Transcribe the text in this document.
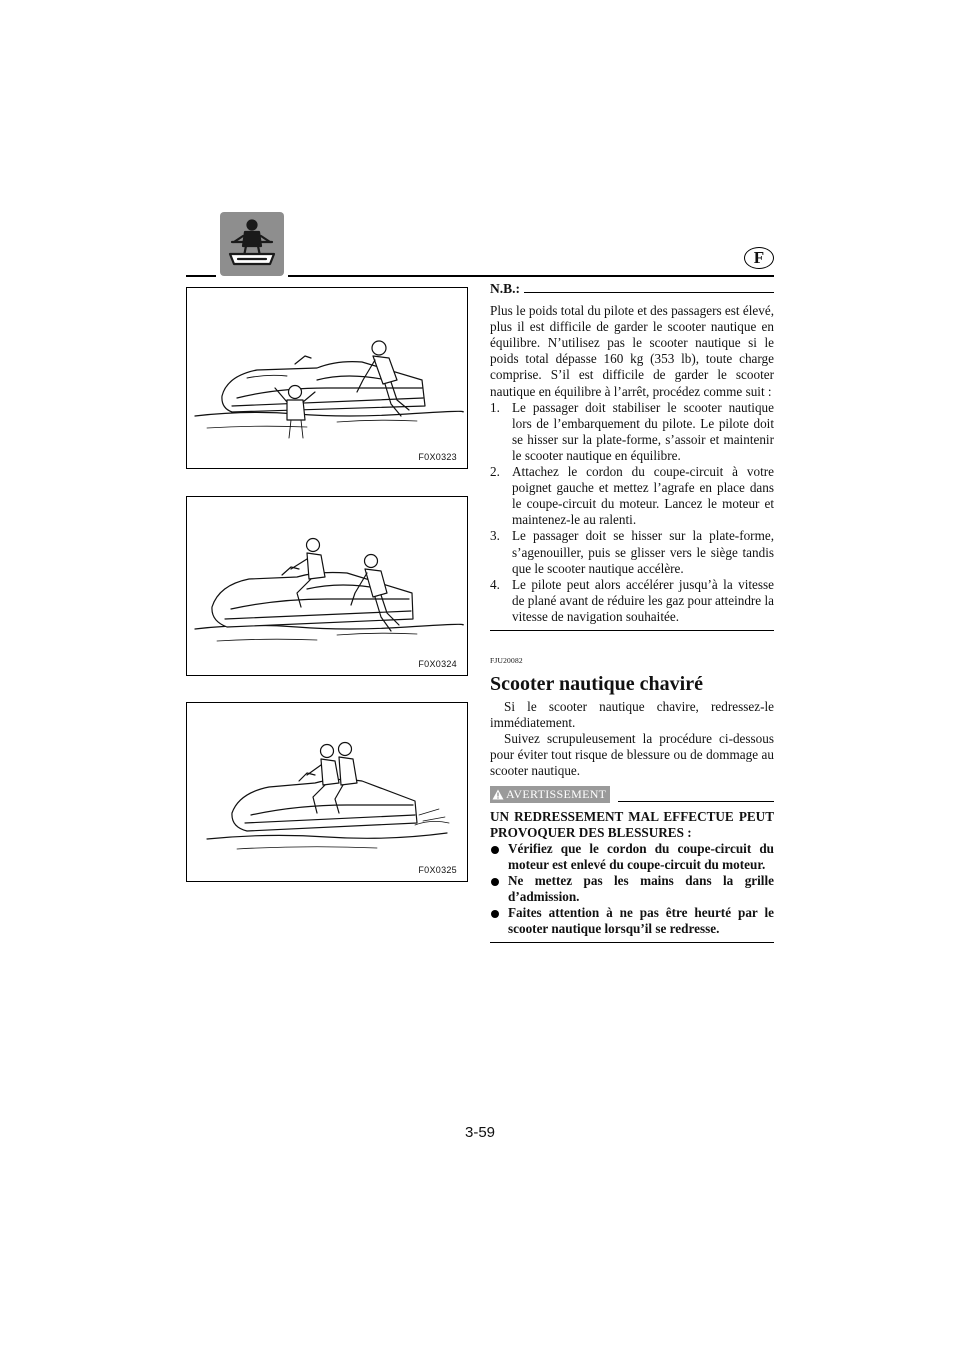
F
F0X0323
F0X0324
F0X0325
N.B.:

Plus le poids total du pilote et des passagers est élevé, plus il est difficile de garder le scooter nautique en équilibre. N’utilisez pas le scooter nautique si le poids total dépasse 160 kg (353 lb), toute charge comprise. S’il est difficile de garder le scooter nautique en équilibre à l’arrêt, procédez comme suit :

1. Le passager doit stabiliser le scooter nautique lors de l’embarquement du pilote. Le pilote doit se hisser sur la plate-forme, s’assoir et maintenir le scooter nautique en équilibre.
2. Attachez le cordon du coupe-circuit à votre poignet gauche et mettez l’agrafe en place dans le coupe-circuit du moteur. Lancez le moteur et maintenez-le au ralenti.
3. Le passager doit se hisser sur la plate-forme, s’agenouiller, puis se glisser vers le siège tandis que le scooter nautique accélère.
4. Le pilote peut alors accélérer jusqu’à la vitesse de plané avant de réduire les gaz pour atteindre la vitesse de navigation souhaitée.
FJU20082
Scooter nautique chaviré

Si le scooter nautique chavire, redressez-le immédiatement.

Suivez scrupuleusement la procédure ci-dessous pour éviter tout risque de blessure ou de dommage au scooter nautique.

AVERTISSEMENT

UN REDRESSEMENT MAL EFFECTUE PEUT PROVOQUER DES BLESSURES :

Vérifiez que le cordon du coupe-circuit du moteur est enlevé du coupe-circuit du moteur.
Ne mettez pas les mains dans la grille d’admission.
Faites attention à ne pas être heurté par le scooter nautique lorsqu’il se redresse.
3-59
